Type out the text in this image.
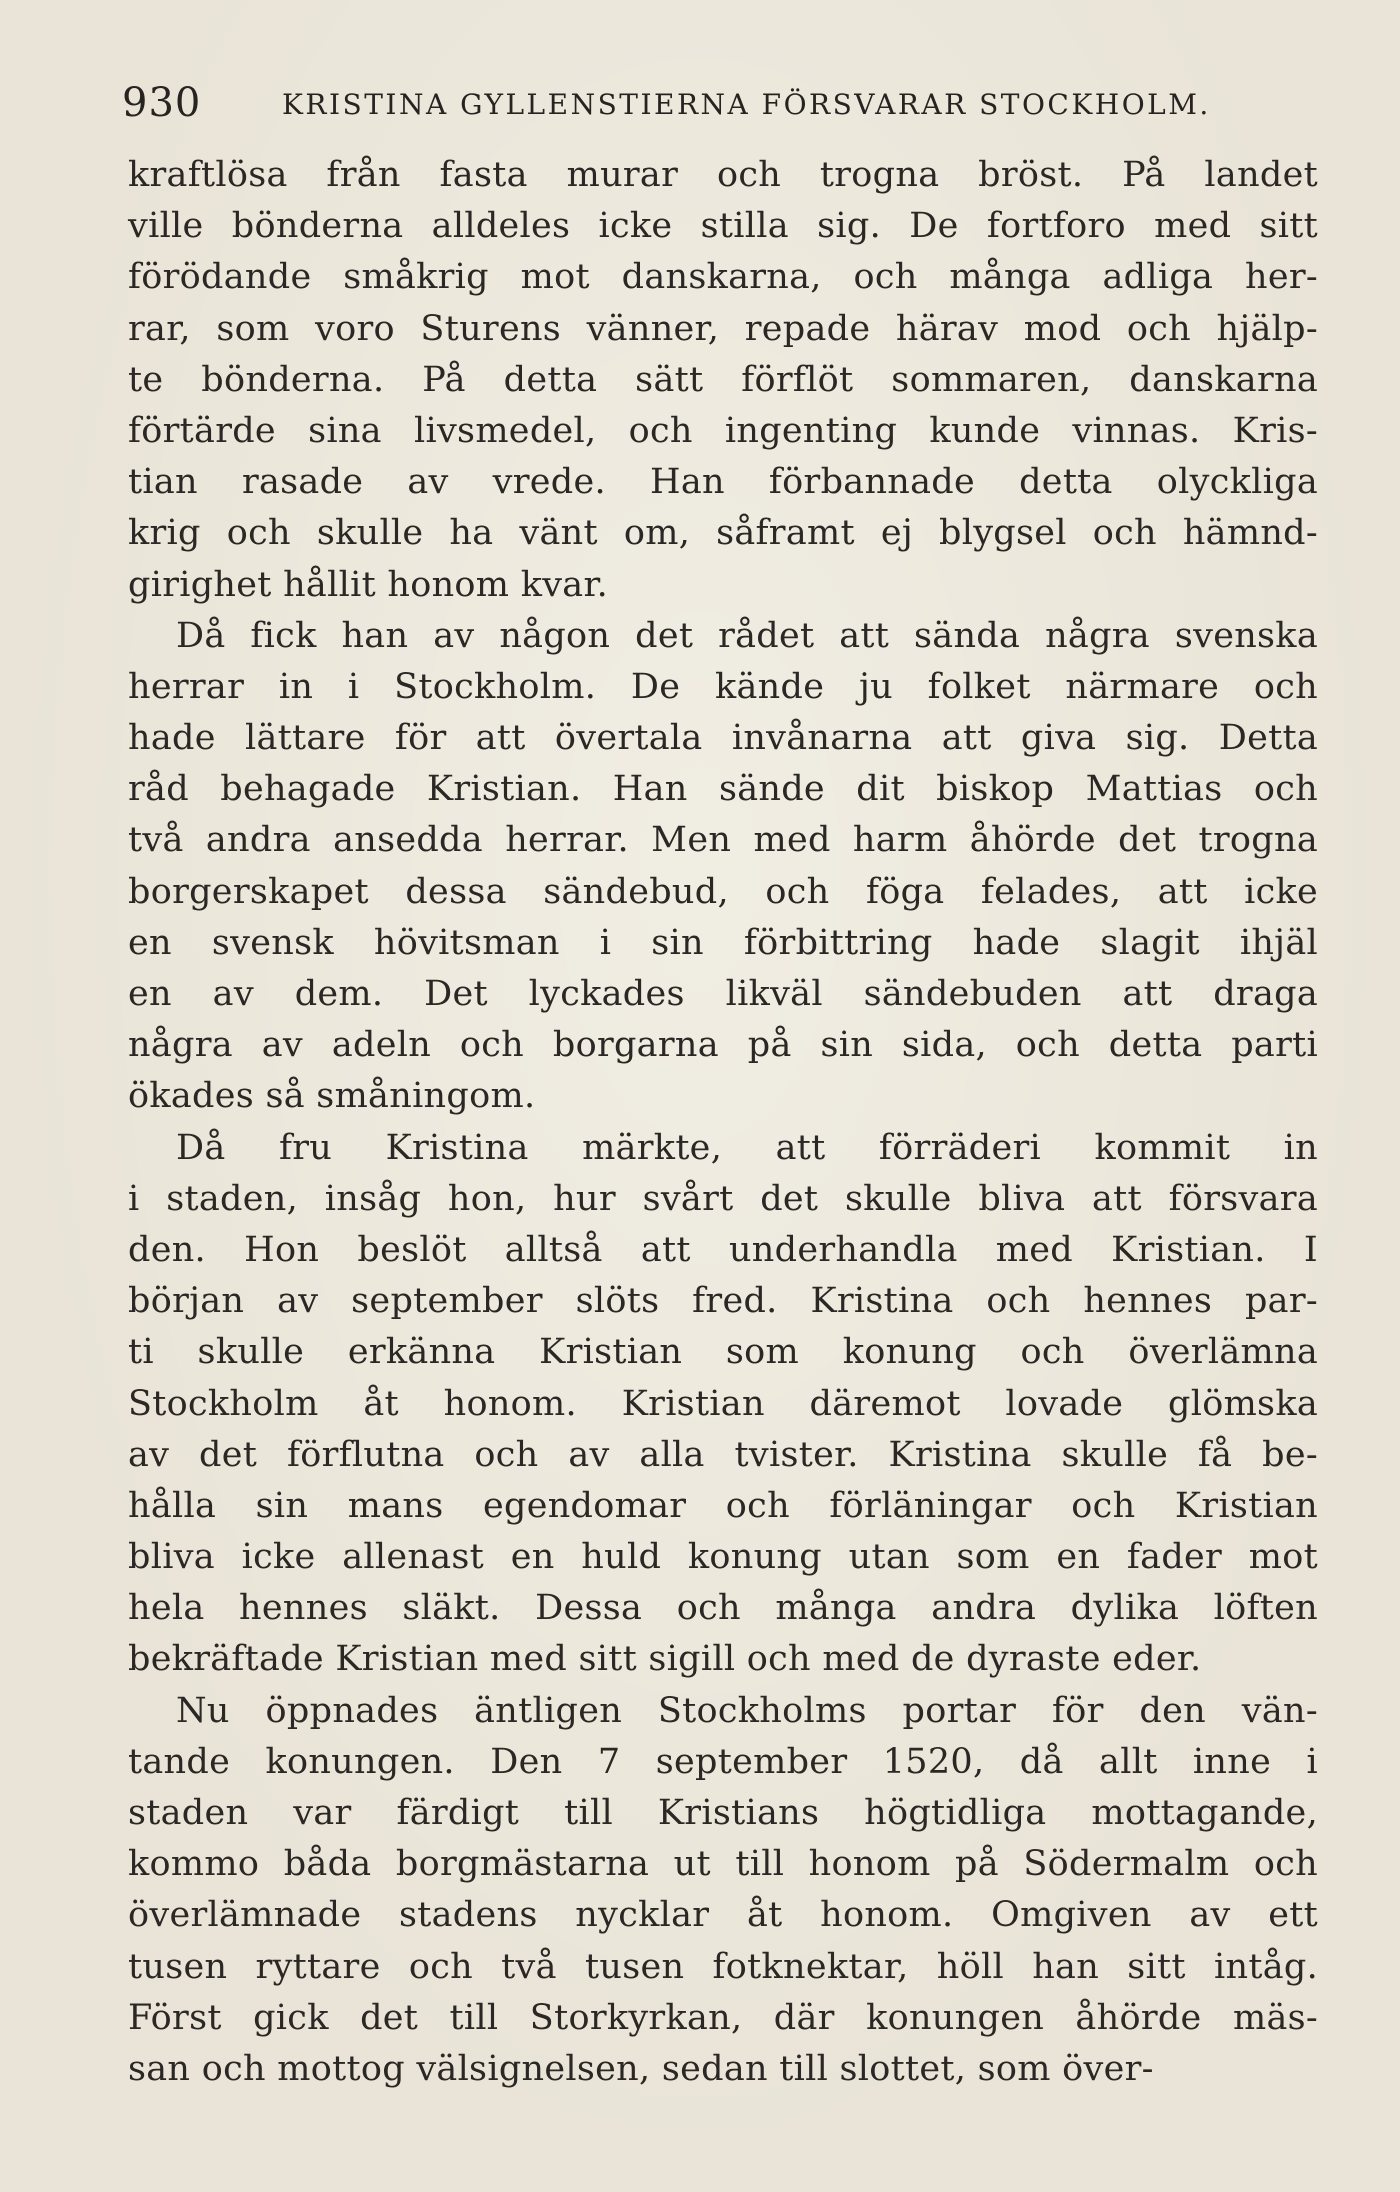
930	KRISTINA GYLLENSTIERNA FÖRSVARAR STOCKHOLM.
kraftlösa från fasta murar och trogna bröst. På landet
ville bönderna alldeles icke stilla sig. De fortforo med sitt
förödande småkrig mot danskarna, och många adliga her-
rar, som voro Sturens vänner, repade härav mod och hjälp-
te bönderna. På detta sätt förflöt sommaren, danskarna
förtärde sina livsmedel, och ingenting kunde vinnas. Kris-
tian rasade av vrede. Han förbannade detta olyckliga
krig och skulle ha vänt om, såframt ej blygsel och hämnd-
girighet hållit honom kvar.
Då fick han av någon det rådet att sända några svenska
herrar in i Stockholm. De kände ju folket närmare och
hade lättare för att övertala invånarna att giva sig. Detta
råd behagade Kristian. Han sände dit biskop Mattias och
två andra ansedda herrar. Men med harm åhörde det trogna
borgerskapet dessa sändebud, och föga felades, att icke
en svensk hövitsman i sin förbittring hade slagit ihjäl
en av dem. Det lyckades likväl sändebuden att draga
några av adeln och borgarna på sin sida, och detta parti
ökades så småningom.
Då fru Kristina märkte, att förräderi kommit in
i staden, insåg hon, hur svårt det skulle bliva att försvara
den. Hon beslöt alltså att underhandla med Kristian. I
början av september slöts fred. Kristina och hennes par-
ti skulle erkänna Kristian som konung och överlämna
Stockholm åt honom. Kristian däremot lovade glömska
av det förflutna och av alla tvister. Kristina skulle få be-
hålla sin mans egendomar och förläningar och Kristian
bliva icke allenast en huld konung utan som en fader mot
hela hennes släkt. Dessa och många andra dylika löften
bekräftade Kristian med sitt sigill och med de dyraste eder.
Nu öppnades äntligen Stockholms portar för den vän-
tande konungen. Den 7 september 1520, då allt inne i
staden var färdigt till Kristians högtidliga mottagande,
kommo båda borgmästarna ut till honom på Södermalm och
överlämnade stadens nycklar åt honom. Omgiven av ett
tusen ryttare och två tusen fotknektar, höll han sitt intåg.
Först gick det till Storkyrkan, där konungen åhörde mäs-
san och mottog välsignelsen, sedan till slottet, som över-
